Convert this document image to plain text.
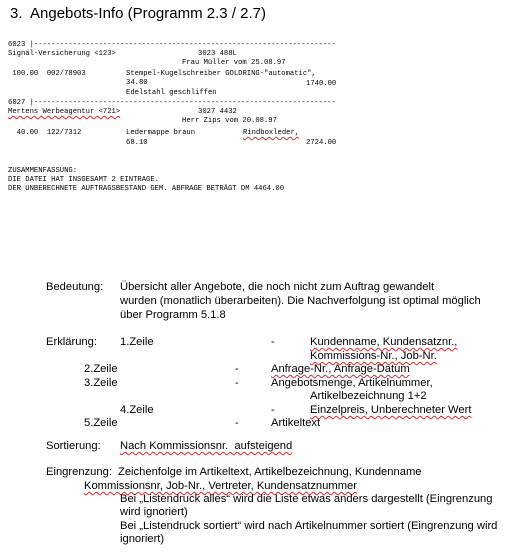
3.  Angebots-Info (Programm 2.3 / 2.7)
6023 |----------------------------------------------------------------------
Signal-Versicherung <123>	3023 488L
Frau Müller vom 25.08.97
100.00  002/78903	Stempel-Kugelschreiber GOLDRING-"automatic",
34.80	1740.00
Edelstahl geschliffen
6027 |----------------------------------------------------------------------
Mertens Werbeagentur <721>	3027 4432
Herr Zips vom 20.08.97
40.00  122/7312	Ledermappe braun	Rindboxleder,
68.10	2724.00
ZUSAMMENFASSUNG:
DIE DATEI HAT INSGESAMT 2 EINTRAGE.
DER UNBERECHNETE AUFTRAGSBESTAND GEM. ABFRAGE BETRÄGT DM 4464.00
Bedeutung: Übersicht aller Angebote, die noch nicht zum Auftrag gewandelt
wurden (monatlich überarbeiten). Die Nachverfolgung ist optimal möglich
über Programm 5.1.8
Erklärung: 1.Zeile	-	Kundenname, Kundensatznr.,
Kommissions-Nr., Job-Nr.
2.Zeile	-	Anfrage-Nr., Anfrage-Datum
3.Zeile	-	Angebotsmenge, Artikelnummer,
Artikelbezeichnung 1+2
4.Zeile	-	Einzelpreis, Unberechneter Wert
5.Zeile	-	Artikeltext
Sortierung: Nach Kommissionsnr.  aufsteigend
Eingrenzung: Zeichenfolge im Artikeltext, Artikelbezeichnung, Kundenname
Kommissionsnr, Job-Nr., Vertreter, Kundensatznummer
Bei „Listendruck alles“ wird die Liste etwas anders dargestellt (Eingrenzung
wird ignoriert)
Bei „Listendruck sortiert“ wird nach Artikelnummer sortiert (Eingrenzung wird
ignoriert)
